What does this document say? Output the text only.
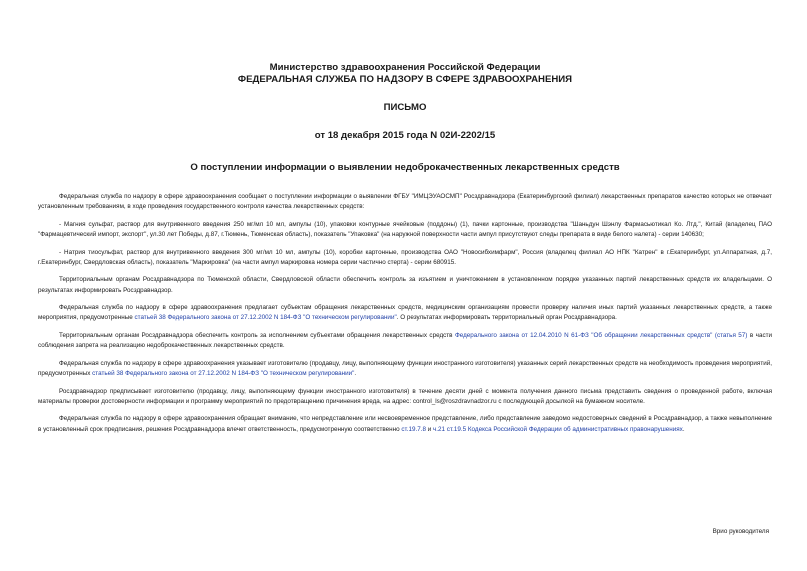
Министерство здравоохранения Российской Федерации
ФЕДЕРАЛЬНАЯ СЛУЖБА ПО НАДЗОРУ В СФЕРЕ ЗДРАВООХРАНЕНИЯ
ПИСЬМО
от 18 декабря 2015 года N 02И-2202/15
О поступлении информации о выявлении недоброкачественных лекарственных средств

Федеральная служба по надзору в сфере здравоохранения сообщает о поступлении информации о выявлении ФГБУ "ИМЦЭУАОСМП" Росздравнадзора (Екатеринбургский филиал) лекарственных препаратов качество которых не отвечает установленным требованиям, в ходе проведения государственного контроля качества лекарственных средств:

- Магния сульфат, раствор для внутривенного введения 250 мг/мл 10 мл, ампулы (10), упаковки контурные ячейковые (поддоны) (1), пачки картонные, производства "Шаньдун Шэнлу Фармасьютикал Ко. Лтд.", Китай (владелец ПАО "Фармацевтический импорт, экспорт", ул.30 лет Победы, д.87, г.Тюмень, Тюменская область), показатель "Упаковка" (на наружной поверхности части ампул присутствуют следы препарата в виде белого налета) - серии 140630;

- Натрия тиосульфат, раствор для внутривенного введения 300 мг/мл 10 мл, ампулы (10), коробки картонные, производства ОАО "Новосибхимфарм", Россия (владелец филиал АО НПК "Катрен" в г.Екатеринбург, ул.Аппаратная, д.7, г.Екатеринбург, Свердловская область), показатель "Маркировка" (на части ампул маркировка номера серии частично стерта) - серии 680915.

Территориальным органам Росздравнадзора по Тюменской области, Свердловской области обеспечить контроль за изъятием и уничтожением в установленном порядке указанных партий лекарственных средств их владельцами. О результатах информировать Росздравнадзор.

Федеральная служба по надзору в сфере здравоохранения предлагает субъектам обращения лекарственных средств, медицинским организациям провести проверку наличия иных партий указанных лекарственных средств, а также мероприятия, предусмотренные статьей 38 Федерального закона от 27.12.2002 N 184-ФЗ "О техническом регулировании". О результатах информировать территориальный орган Росздравнадзора.

Территориальным органам Росздравнадзора обеспечить контроль за исполнением субъектами обращения лекарственных средств Федерального закона от 12.04.2010 N 61-ФЗ "Об обращении лекарственных средств" (статья 57) в части соблюдения запрета на реализацию недоброкачественных лекарственных средств.

Федеральная служба по надзору в сфере здравоохранения указывает изготовителю (продавцу, лицу, выполняющему функции иностранного изготовителя) указанных серий лекарственных средств на необходимость проведения мероприятий, предусмотренных статьей 38 Федерального закона от 27.12.2002 N 184-ФЗ "О техническом регулировании".

Росздравнадзор предписывает изготовителю (продавцу, лицу, выполняющему функции иностранного изготовителя) в течение десяти дней с момента получения данного письма представить сведения о проведенной работе, включая материалы проверки достоверности информации и программу мероприятий по предотвращению причинения вреда, на адрес: control_ls@roszdravnadzor.ru с последующей досылкой на бумажном носителе.

Федеральная служба по надзору в сфере здравоохранения обращает внимание, что непредставление или несвоевременное представление, либо представление заведомо недостоверных сведений в Росздравнадзор, а также невыполнение в установленный срок предписания, решения Росздравнадзора влечет ответственность, предусмотренную соответственно ст.19.7.8 и ч.21 ст.19.5 Кодекса Российской Федерации об административных правонарушениях.

Врио руководителя
